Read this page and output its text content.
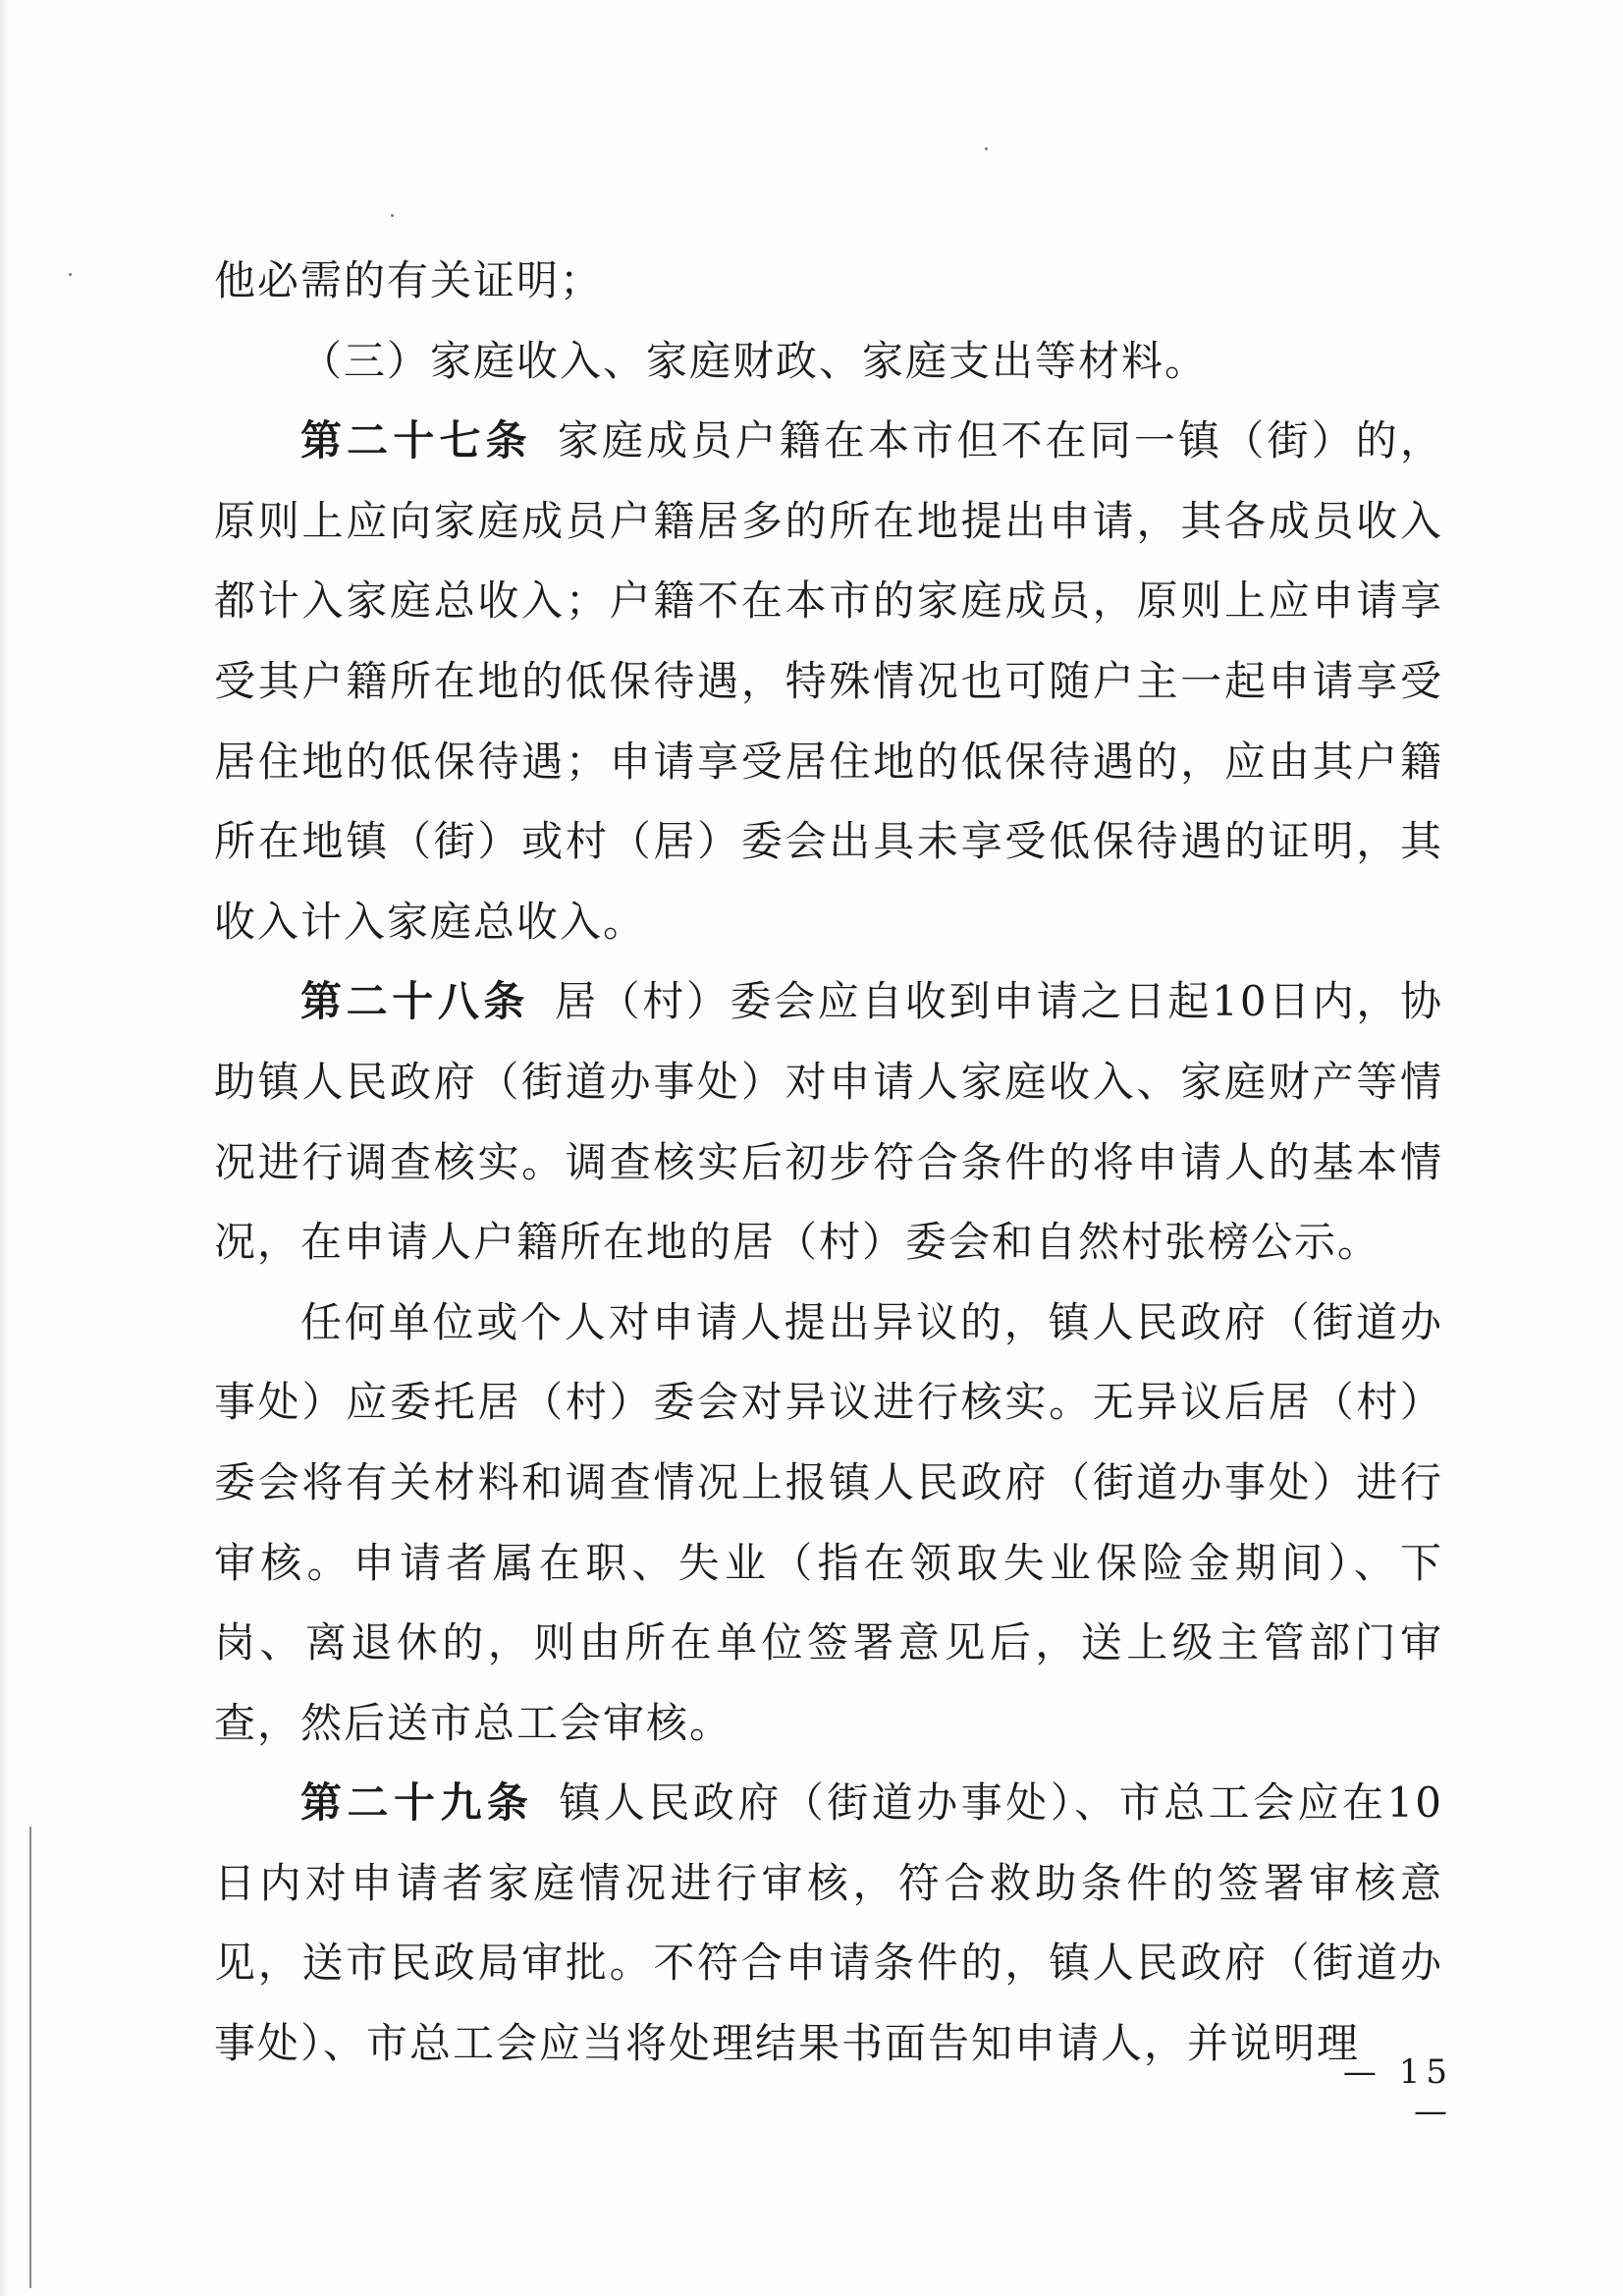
他必需的有关证明；

（三）家庭收入、家庭财政、家庭支出等材料。

第二十七条 家庭成员户籍在本市但不在同一镇（街）的，原则上应向家庭成员户籍居多的所在地提出申请，其各成员收入都计入家庭总收入；户籍不在本市的家庭成员，原则上应申请享受其户籍所在地的低保待遇，特殊情况也可随户主一起申请享受居住地的低保待遇；申请享受居住地的低保待遇的，应由其户籍所在地镇（街）或村（居）委会出具未享受低保待遇的证明，其收入计入家庭总收入。

第二十八条 居（村）委会应自收到申请之日起10日内，协助镇人民政府（街道办事处）对申请人家庭收入、家庭财产等情况进行调查核实。调查核实后初步符合条件的将申请人的基本情况，在申请人户籍所在地的居（村）委会和自然村张榜公示。

任何单位或个人对申请人提出异议的，镇人民政府（街道办事处）应委托居（村）委会对异议进行核实。无异议后居（村）委会将有关材料和调查情况上报镇人民政府（街道办事处）进行审核。申请者属在职、失业（指在领取失业保险金期间）、下岗、离退休的，则由所在单位签署意见后，送上级主管部门审查，然后送市总工会审核。

第二十九条 镇人民政府（街道办事处）、市总工会应在10日内对申请者家庭情况进行审核，符合救助条件的签署审核意见，送市民政局审批。不符合申请条件的，镇人民政府（街道办事处）、市总工会应当将处理结果书面告知申请人，并说明理

— 15 —
